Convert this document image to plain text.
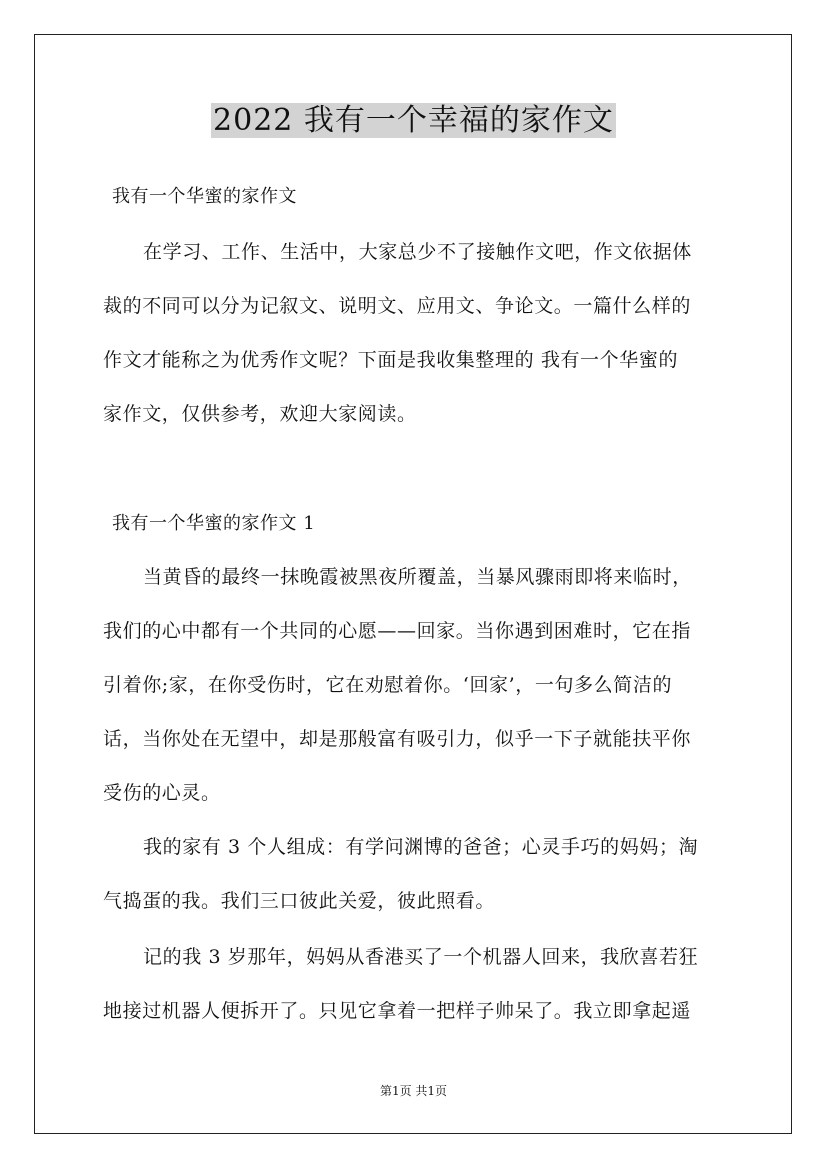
2022 我有一个幸福的家作文
我有一个华蜜的家作文
在学习、工作、生活中，大家总少不了接触作文吧，作文依据体
裁的不同可以分为记叙文、说明文、应用文、争论文。一篇什么样的
作文才能称之为优秀作文呢？下面是我收集整理的 我有一个华蜜的
家作文，仅供参考，欢迎大家阅读。
我有一个华蜜的家作文 1
当黄昏的最终一抹晚霞被黑夜所覆盖，当暴风骤雨即将来临时，
我们的心中都有一个共同的心愿——回家。当你遇到困难时，它在指
引着你;家，在你受伤时，它在劝慰着你。‘回家’，一句多么简洁的
话，当你处在无望中，却是那般富有吸引力，似乎一下子就能扶平你
受伤的心灵。
我的家有 3 个人组成：有学问渊博的爸爸；心灵手巧的妈妈；淘
气捣蛋的我。我们三口彼此关爱，彼此照看。
记的我 3 岁那年，妈妈从香港买了一个机器人回来，我欣喜若狂
地接过机器人便拆开了。只见它拿着一把样子帅呆了。我立即拿起遥
第1页 共1页
